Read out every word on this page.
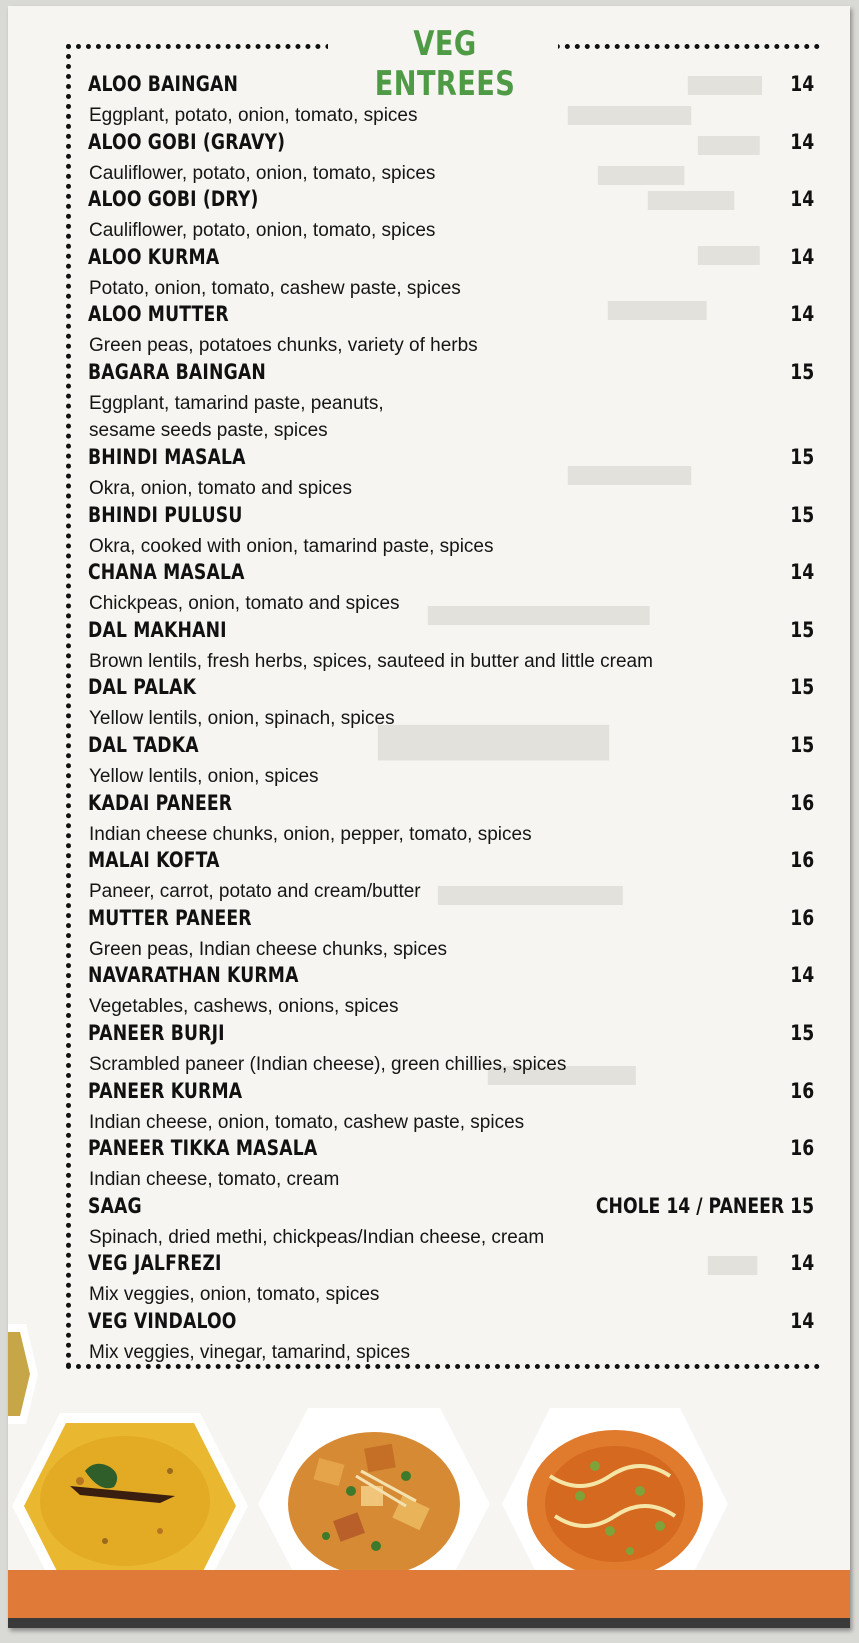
██████
██████████
█████
███████
███████
█████
████████
██████████
██████████████████
██████████
███████████████
████████████
████
VEG ENTREES
ALOO BAINGAN	14
Eggplant, potato, onion, tomato, spices
ALOO GOBI (GRAVY)	14
Cauliflower, potato, onion, tomato, spices
ALOO GOBI (DRY)	14
Cauliflower, potato, onion, tomato, spices
ALOO KURMA	14
Potato, onion, tomato, cashew paste, spices
ALOO MUTTER	14
Green peas, potatoes chunks, variety of herbs
BAGARA BAINGAN	15
Eggplant, tamarind paste, peanuts,
sesame seeds paste, spices
BHINDI MASALA	15
Okra, onion, tomato and spices
BHINDI PULUSU	15
Okra, cooked with onion, tamarind paste, spices
CHANA MASALA	14
Chickpeas, onion, tomato and spices
DAL MAKHANI	15
Brown lentils, fresh herbs, spices, sauteed in butter and little cream
DAL PALAK	15
Yellow lentils, onion, spinach, spices
DAL TADKA	15
Yellow lentils, onion, spices
KADAI PANEER	16
Indian cheese chunks, onion, pepper, tomato, spices
MALAI KOFTA	16
Paneer, carrot, potato and cream/butter
MUTTER PANEER	16
Green peas, Indian cheese chunks, spices
NAVARATHAN KURMA	14
Vegetables, cashews, onions, spices
PANEER BURJI	15
Scrambled paneer (Indian cheese), green chillies, spices
PANEER KURMA	16
Indian cheese, onion, tomato, cashew paste, spices
PANEER TIKKA MASALA	16
Indian cheese, tomato, cream
SAAG	CHOLE 14 / PANEER 15
Spinach, dried methi, chickpeas/Indian cheese, cream
VEG JALFREZI	14
Mix veggies, onion, tomato, spices
VEG VINDALOO	14
Mix veggies, vinegar, tamarind, spices
